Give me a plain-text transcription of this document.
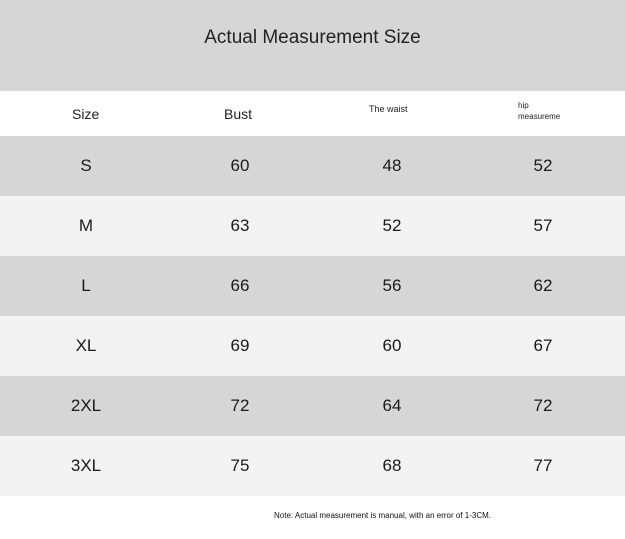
Actual Measurement Size
Size	Bust	The waist	hip
measureme
S	60	48	52
M	63	52	57
L	66	56	62
XL	69	60	67
2XL	72	64	72
3XL	75	68	77
Note: Actual measurement is manual, with an error of 1-3CM.
